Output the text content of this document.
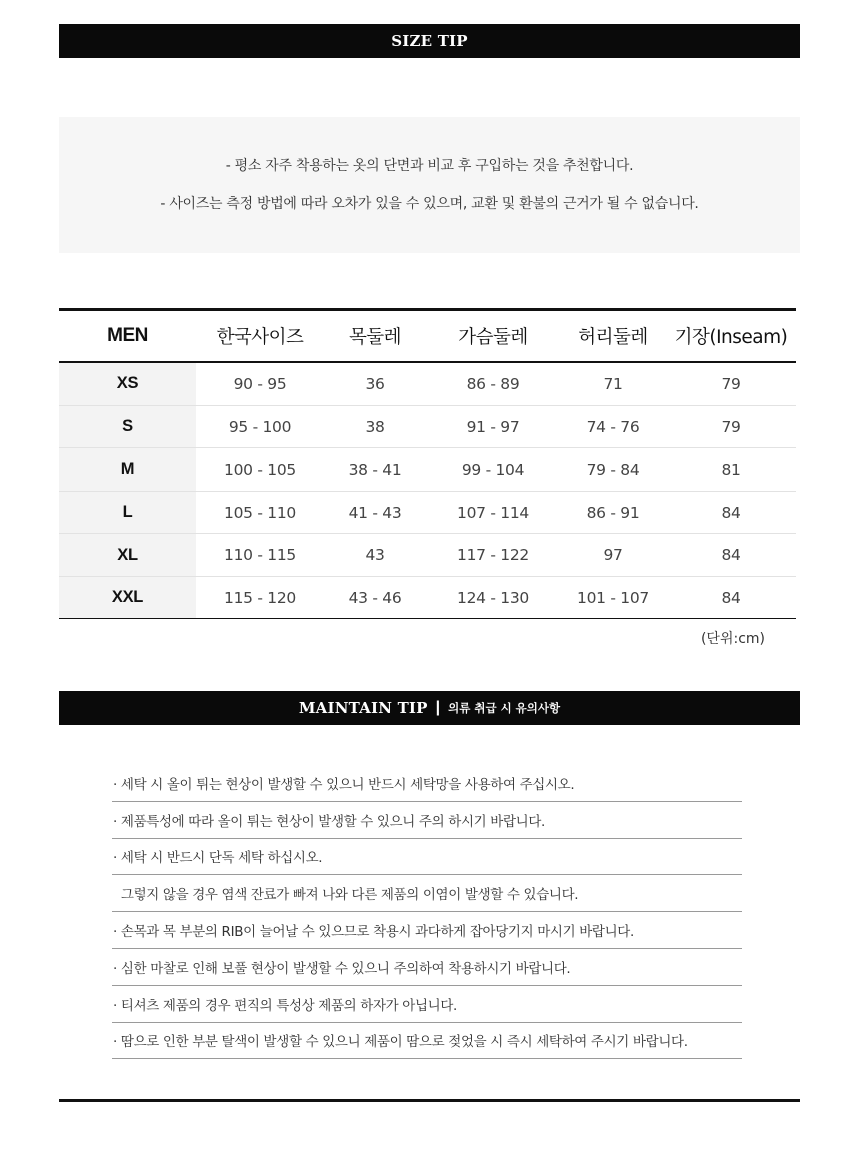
SIZE TIP

- 평소 자주 착용하는 옷의 단면과 비교 후 구입하는 것을 추천합니다.

- 사이즈는 측정 방법에 따라 오차가 있을 수 있으며, 교환 및 환불의 근거가 될 수 없습니다.

MEN	한국사이즈	목둘레	가슴둘레	허리둘레	기장(Inseam)
XS	90 - 95	36	86 - 89	71	79
S	95 - 100	38	91 - 97	74 - 76	79
M	100 - 105	38 - 41	99 - 104	79 - 84	81
L	105 - 110	41 - 43	107 - 114	86 - 91	84
XL	110 - 115	43	117 - 122	97	84
XXL	115 - 120	43 - 46	124 - 130	101 - 107	84
(단위:cm)
MAINTAIN TIP | 의류 취급 시 유의사항
· 세탁 시 올이 튀는 현상이 발생할 수 있으니 반드시 세탁망을 사용하여 주십시오.
· 제품특성에 따라 올이 튀는 현상이 발생할 수 있으니 주의 하시기 바랍니다.
· 세탁 시 반드시 단독 세탁 하십시오.
그렇지 않을 경우 염색 잔료가 빠져 나와 다른 제품의 이염이 발생할 수 있습니다.
· 손목과 목 부분의 RIB이 늘어날 수 있으므로 착용시 과다하게 잡아당기지 마시기 바랍니다.
· 심한 마찰로 인해 보풀 현상이 발생할 수 있으니 주의하여 착용하시기 바랍니다.
· 티셔츠 제품의 경우 편직의 특성상 제품의 하자가 아닙니다.
· 땀으로 인한 부분 탈색이 발생할 수 있으니 제품이 땀으로 젖었을 시 즉시 세탁하여 주시기 바랍니다.
